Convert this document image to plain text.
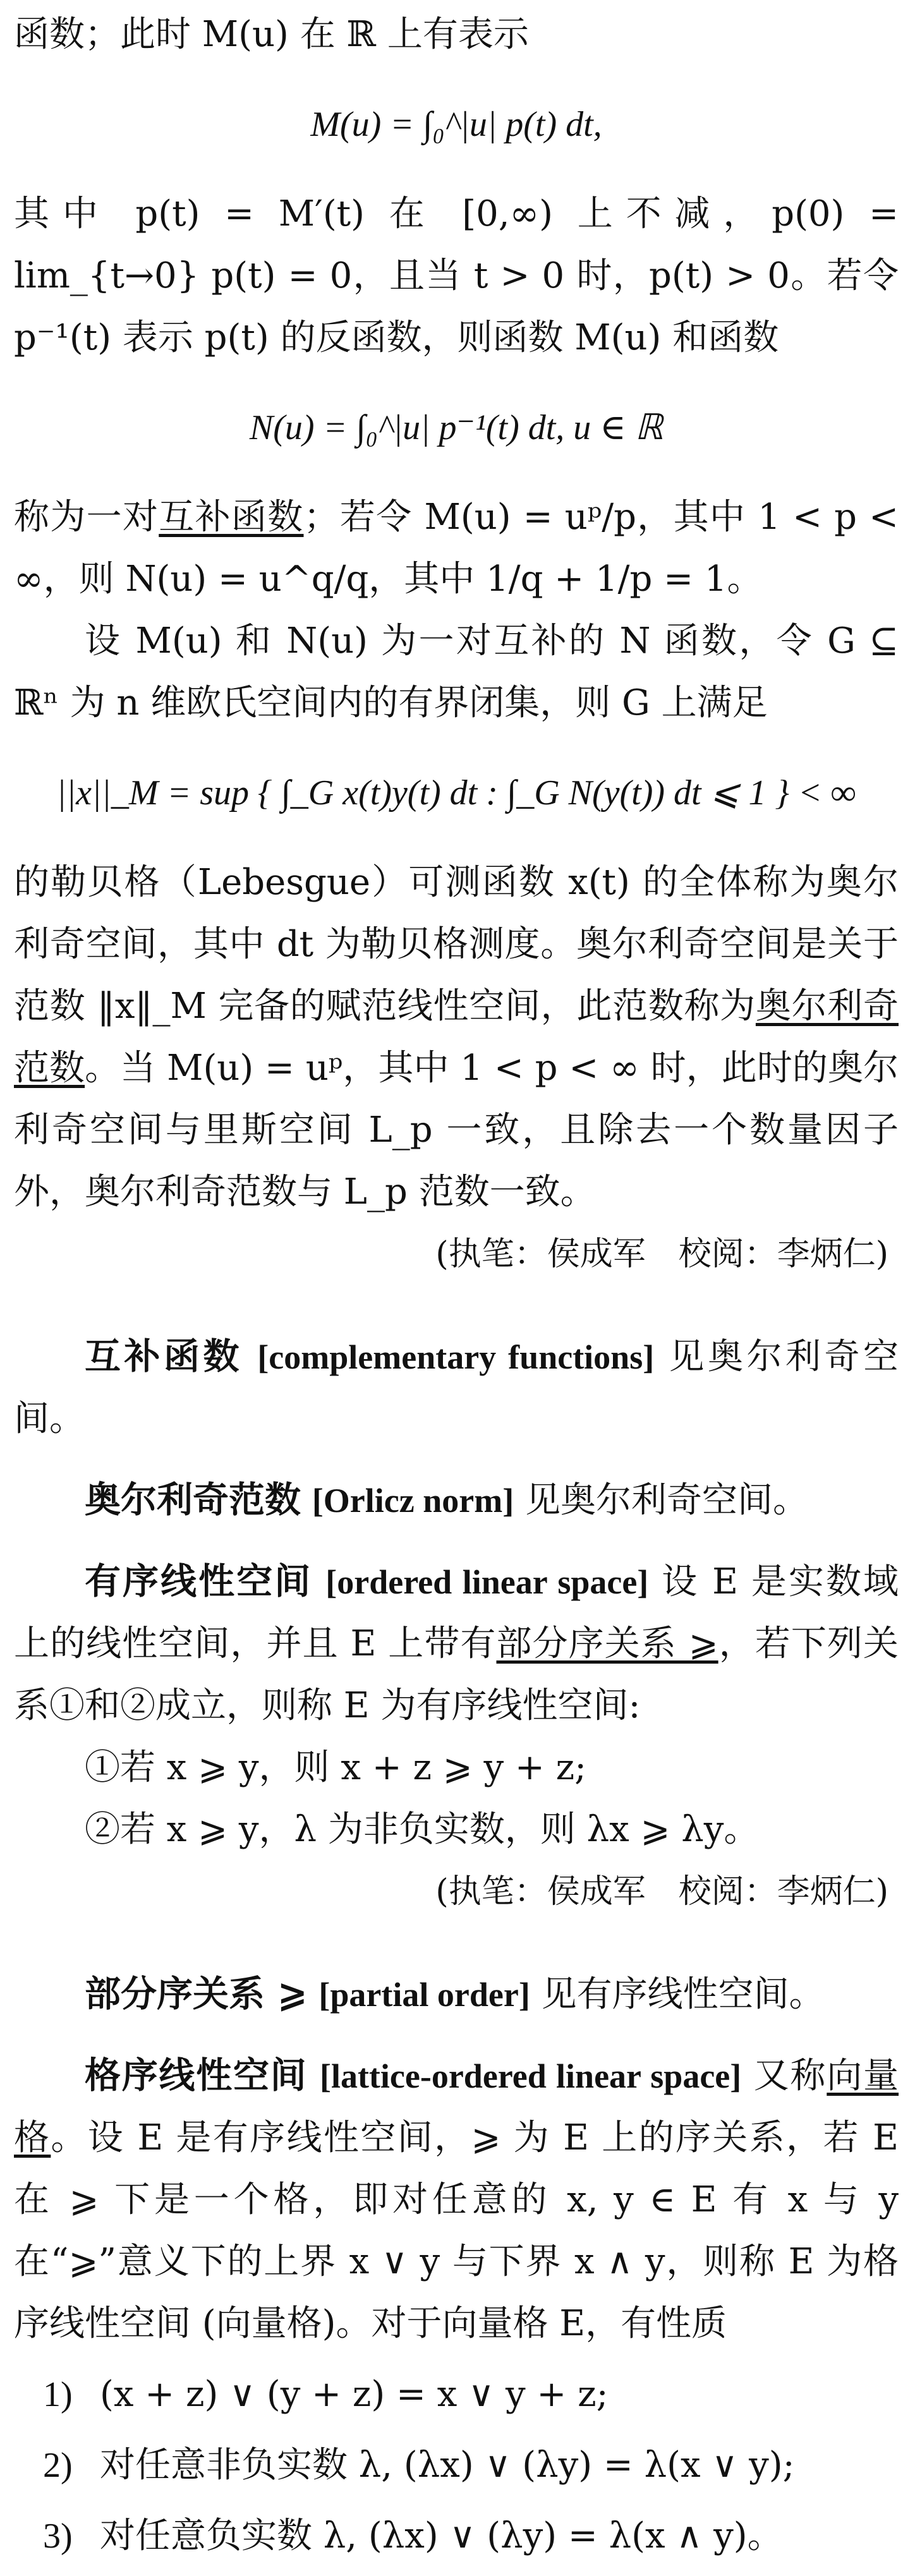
函数；此时 M(u) 在 ℝ 上有表示

M(u) = ∫₀^|u| p(t) dt,

其中 p(t) = M′(t) 在 [0,∞) 上不减，p(0) = lim_{t→0} p(t) = 0，且当 t > 0 时，p(t) > 0。若令 p⁻¹(t) 表示 p(t) 的反函数，则函数 M(u) 和函数

N(u) = ∫₀^|u| p⁻¹(t) dt, u ∈ ℝ

称为一对互补函数；若令 M(u) = uᵖ/p，其中 1 < p < ∞，则 N(u) = u^q/q，其中 1/q + 1/p = 1。

设 M(u) 和 N(u) 为一对互补的 N 函数，令 G ⊆ ℝⁿ 为 n 维欧氏空间内的有界闭集，则 G 上满足

||x||_M = sup { ∫_G x(t)y(t) dt : ∫_G N(y(t)) dt ⩽ 1 } < ∞

的勒贝格（Lebesgue）可测函数 x(t) 的全体称为奥尔利奇空间，其中 dt 为勒贝格测度。奥尔利奇空间是关于范数 ‖x‖_M 完备的赋范线性空间，此范数称为奥尔利奇范数。当 M(u) = uᵖ，其中 1 < p < ∞ 时，此时的奥尔利奇空间与里斯空间 L_p 一致，且除去一个数量因子外，奥尔利奇范数与 L_p 范数一致。

(执笔：侯成军　校阅：李炳仁)

互补函数 [complementary functions] 见奥尔利奇空间。

奥尔利奇范数 [Orlicz norm] 见奥尔利奇空间。

有序线性空间 [ordered linear space] 设 E 是实数域上的线性空间，并且 E 上带有部分序关系 ⩾，若下列关系①和②成立，则称 E 为有序线性空间:

①若 x ⩾ y，则 x + z ⩾ y + z;

②若 x ⩾ y，λ 为非负实数，则 λx ⩾ λy。

(执笔：侯成军　校阅：李炳仁)

部分序关系 ⩾ [partial order] 见有序线性空间。

格序线性空间 [lattice-ordered linear space] 又称向量格。设 E 是有序线性空间，⩾ 为 E 上的序关系，若 E 在 ⩾ 下是一个格，即对任意的 x, y ∈ E 有 x 与 y 在“⩾”意义下的上界 x ∨ y 与下界 x ∧ y，则称 E 为格序线性空间 (向量格)。对于向量格 E，有性质

1) (x + z) ∨ (y + z) = x ∨ y + z;
2) 对任意非负实数 λ, (λx) ∨ (λy) = λ(x ∨ y);
3) 对任意负实数 λ, (λx) ∨ (λy) = λ(x ∧ y)。
